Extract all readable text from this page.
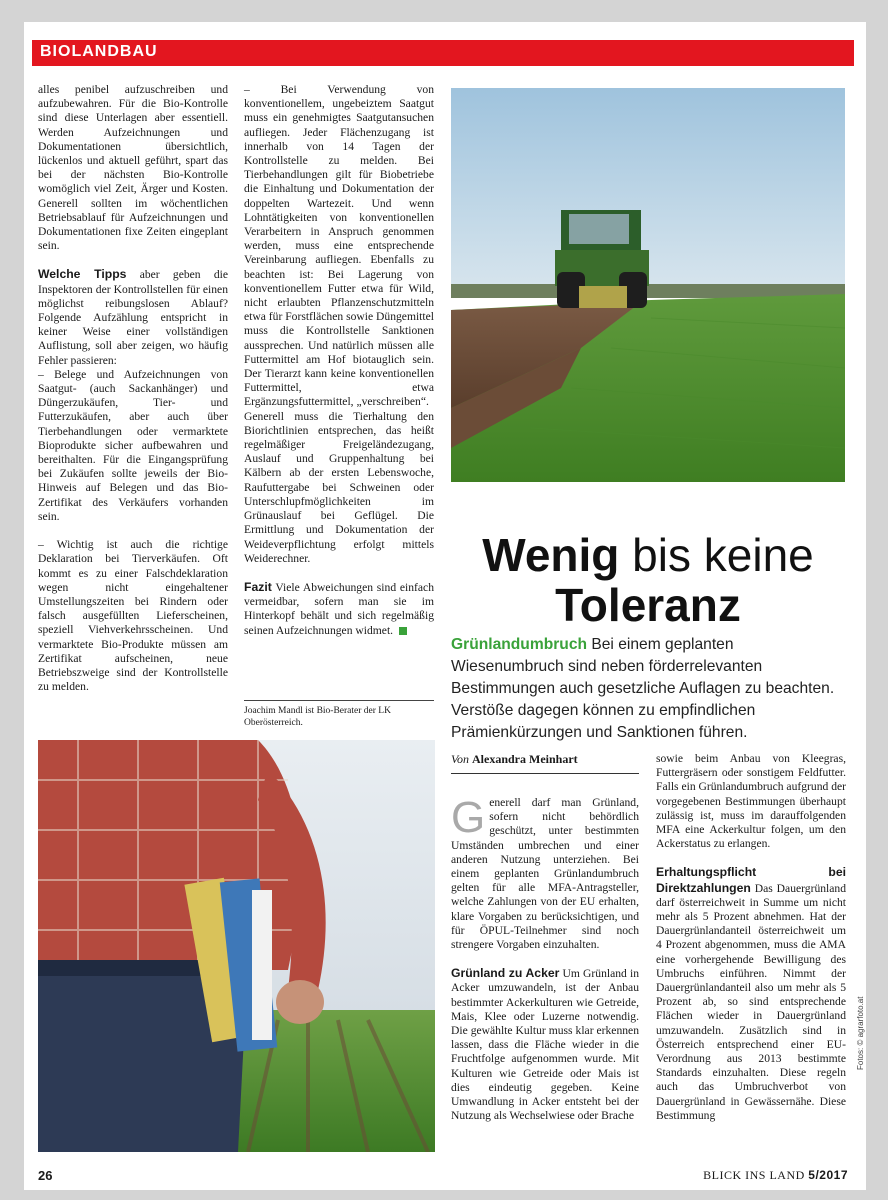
BIOLANDBAU

alles penibel aufzuschreiben und aufzubewahren. Für die Bio-Kontrolle sind diese Unterlagen aber essentiell. Werden Aufzeichnungen und Dokumentationen übersichtlich, lückenlos und aktuell geführt, spart das bei der nächsten Bio-Kontrolle womöglich viel Zeit, Ärger und Kosten. Generell sollten im wöchentlichen Betriebsablauf für Aufzeichnungen und Dokumentationen fixe Zeiten eingeplant sein.

Welche Tipps aber geben die Inspektoren der Kontrollstellen für einen möglichst reibungslosen Ablauf? Folgende Aufzählung entspricht in keiner Weise einer vollständigen Auflistung, soll aber zeigen, wo häufig Fehler passieren:

– Belege und Aufzeichnungen von Saatgut- (auch Sackanhänger) und Düngerzukäufen, Tier- und Futterzukäufen, aber auch über Tierbehandlungen oder vermarktete Bioprodukte sicher aufbewahren und bereithalten. Für die Eingangsprüfung bei Zukäufen sollte jeweils der Bio-Hinweis auf Belegen und das Bio-Zertifikat des Verkäufers vorhanden sein.

– Wichtig ist auch die richtige Deklaration bei Tierverkäufen. Oft kommt es zu einer Falschdeklaration wegen nicht eingehaltener Umstellungszeiten bei Rindern oder falsch ausgefüllten Lieferscheinen, speziell Viehverkehrsscheinen. Und vermarktete Bio-Produkte müssen am Zertifikat aufscheinen, neue Betriebszweige sind der Kontrollstelle zu melden.

– Bei Verwendung von konventionellem, ungebeiztem Saatgut muss ein genehmigtes Saatgutansuchen aufliegen. Jeder Flächenzugang ist innerhalb von 14 Tagen der Kontrollstelle zu melden. Bei Tierbehandlungen gilt für Biobetriebe die Einhaltung und Dokumentation der doppelten Wartezeit. Und wenn Lohntätigkeiten von konventionellen Verarbeitern in Anspruch genommen werden, muss eine entsprechende Vereinbarung aufliegen. Ebenfalls zu beachten ist: Bei Lagerung von konventionellem Futter etwa für Wild, nicht erlaubten Pflanzenschutzmitteln etwa für Forstflächen sowie Düngemittel muss die Kontrollstelle Sanktionen aussprechen. Und natürlich müssen alle Futtermittel am Hof biotauglich sein. Der Tierarzt kann keine konventionellen Futtermittel, etwa Ergänzungsfuttermittel, „verschreiben“.

Generell muss die Tierhaltung den Biorichtlinien entsprechen, das heißt regelmäßiger Freigeländezugang, Auslauf und Gruppenhaltung bei Kälbern ab der ersten Lebenswoche, Raufuttergabe bei Schweinen oder Unterschlupfmöglichkeiten im Grünauslauf bei Geflügel. Die Ermittlung und Dokumentation der Weideverpflichtung erfolgt mittels Weiderechner.

Fazit Viele Abweichungen sind einfach vermeidbar, sofern man sie im Hinterkopf behält und sich regelmäßig seinen Aufzeichnungen widmet.

Joachim Mandl ist Bio-Berater der LK Oberösterreich.
Wenig bis keine
Toleranz
Grünlandumbruch Bei einem geplanten Wiesenumbruch sind neben förderrelevanten Bestimmungen auch gesetzliche Auflagen zu beachten. Verstöße dagegen können zu empfindlichen Prämienkürzungen und Sanktionen führen.
Von Alexandra Meinhart

Generell darf man Grünland, sofern nicht behördlich geschützt, unter bestimmten Umständen umbrechen und einer anderen Nutzung unterziehen. Bei einem geplanten Grünlandumbruch gelten für alle MFA-Antragsteller, welche Zahlungen von der EU erhalten, klare Vorgaben zu berücksichtigen, und für ÖPUL-Teilnehmer sind noch strengere Vorgaben einzuhalten.

Grünland zu Acker Um Grünland in Acker umzuwandeln, ist der Anbau bestimmter Ackerkulturen wie Getreide, Mais, Klee oder Luzerne notwendig. Die gewählte Kultur muss klar erkennen lassen, dass die Fläche wieder in die Fruchtfolge aufgenommen wurde. Mit Kulturen wie Getreide oder Mais ist dies eindeutig gegeben. Keine Umwandlung in Acker entsteht bei der Nutzung als Wechselwiese oder Brache

sowie beim Anbau von Kleegras, Futtergräsern oder sonstigem Feldfutter. Falls ein Grünlandumbruch aufgrund der vorgegebenen Bestimmungen überhaupt zulässig ist, muss im darauffolgenden MFA eine Ackerkultur folgen, um den Ackerstatus zu erlangen.

Erhaltungspflicht bei Direktzahlungen Das Dauergrünland darf österreichweit in Summe um nicht mehr als 5 Prozent abnehmen. Hat der Dauergrünlandanteil österreichweit um 4 Prozent abgenommen, muss die AMA eine vorhergehende Bewilligung des Umbruchs einführen. Nimmt der Dauergrünlandanteil also um mehr als 5 Prozent ab, so sind entsprechende Flächen wieder in Dauergrünland umzuwandeln. Zusätzlich sind in Österreich entsprechend einer EU-Verordnung aus 2013 bestimmte Standards einzuhalten. Diese regeln auch das Umbruchverbot von Dauergrünland in Gewässernähe. Diese Bestimmung

Fotos: © agrarfoto.at
26	BLICK INS LAND 5/2017
